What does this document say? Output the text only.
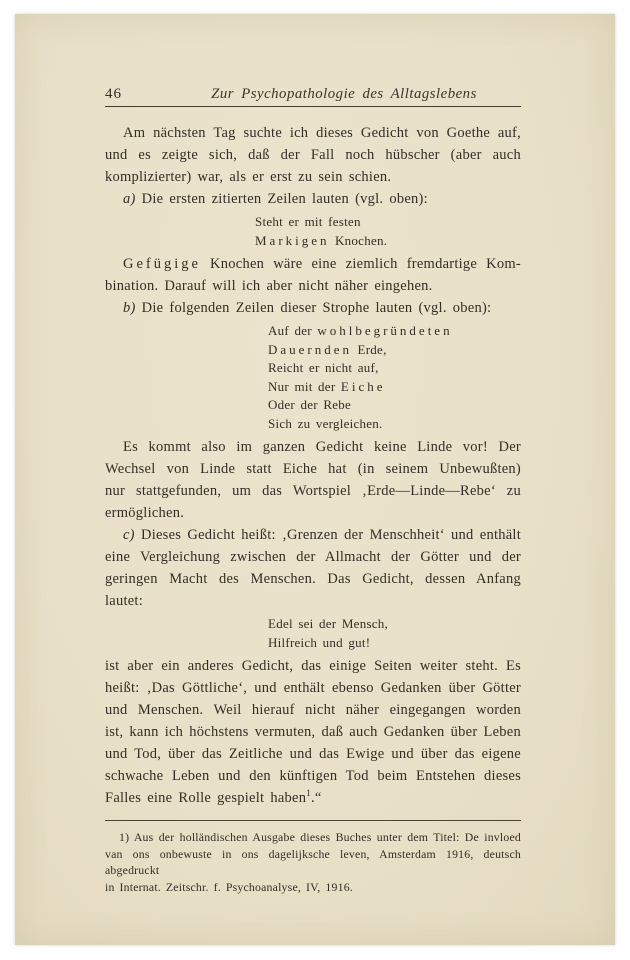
46	Zur Psychopathologie des Alltagslebens
Am nächsten Tag suchte ich dieses Gedicht von Goethe auf,
und es zeigte sich, daß der Fall noch hübscher (aber auch
komplizierter) war, als er erst zu sein schien.
a) Die ersten zitierten Zeilen lauten (vgl. oben):
Steht er mit festen
Markigen Knochen.
Gefügige Knochen wäre eine ziemlich fremdartige Kom-
bination. Darauf will ich aber nicht näher eingehen.
b) Die folgenden Zeilen dieser Strophe lauten (vgl. oben):
Auf der wohlbegründeten
Dauernden Erde,
Reicht er nicht auf,
Nur mit der Eiche
Oder der Rebe
Sich zu vergleichen.
Es kommt also im ganzen Gedicht keine Linde vor! Der
Wechsel von Linde statt Eiche hat (in seinem Unbewußten)
nur stattgefunden, um das Wortspiel ‚Erde—Linde—Rebe‘ zu
ermöglichen.
c) Dieses Gedicht heißt: ‚Grenzen der Menschheit‘ und enthält
eine Vergleichung zwischen der Allmacht der Götter und der
geringen Macht des Menschen. Das Gedicht, dessen Anfang lautet:
Edel sei der Mensch,
Hilfreich und gut!
ist aber ein anderes Gedicht, das einige Seiten weiter steht. Es
heißt: ‚Das Göttliche‘, und enthält ebenso Gedanken über Götter
und Menschen. Weil hierauf nicht näher eingegangen worden
ist, kann ich höchstens vermuten, daß auch Gedanken über Leben
und Tod, über das Zeitliche und das Ewige und über das eigene
schwache Leben und den künftigen Tod beim Entstehen dieses
Falles eine Rolle gespielt haben$^1$.“
1) Aus der holländischen Ausgabe dieses Buches unter dem Titel: De invloed
van ons onbewuste in ons dagelijksche leven, Amsterdam 1916, deutsch abgedruckt
in Internat. Zeitschr. f. Psychoanalyse, IV, 1916.
